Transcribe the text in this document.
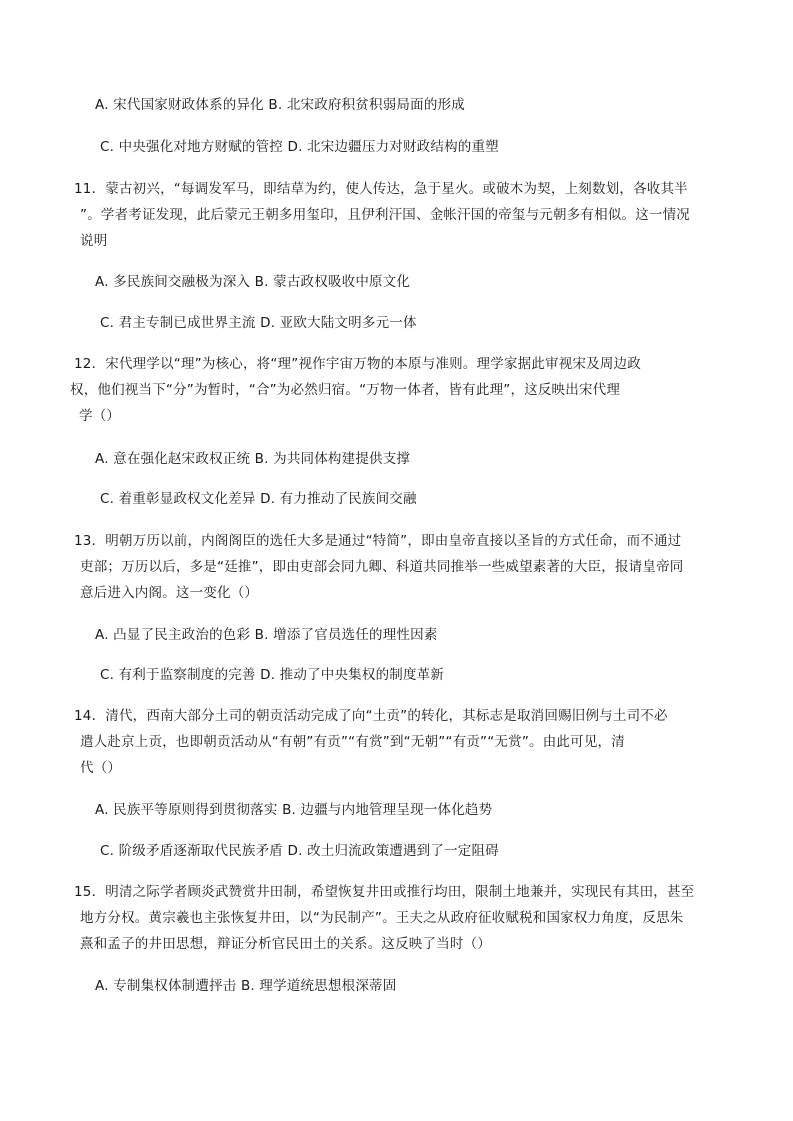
A. 宋代国家财政体系的异化 B. 北宋政府积贫积弱局面的形成
C. 中央强化对地方财赋的管控 D. 北宋边疆压力对财政结构的重塑
11．蒙古初兴，“每调发军马，即结草为约，使人传达，急于星火。或破木为契，上刻数划，各收其半
”。学者考证发现，此后蒙元王朝多用玺印，且伊利汗国、金帐汗国的帝玺与元朝多有相似。这一情况
说明
A. 多民族间交融极为深入 B. 蒙古政权吸收中原文化
C. 君主专制已成世界主流 D. 亚欧大陆文明多元一体
12．宋代理学以“理”为核心，将“理”视作宇宙万物的本原与准则。理学家据此审视宋及周边政
权，他们视当下“分”为暂时，“合”为必然归宿。“万物一体者，皆有此理”，这反映出宋代理
学（）
A. 意在强化赵宋政权正统 B. 为共同体构建提供支撑
C. 着重彰显政权文化差异 D. 有力推动了民族间交融
13．明朝万历以前，内阁阁臣的选任大多是通过“特简”，即由皇帝直接以圣旨的方式任命，而不通过
吏部；万历以后，多是“廷推”，即由吏部会同九卿、科道共同推举一些威望素著的大臣，报请皇帝同
意后进入内阁。这一变化（）
A. 凸显了民主政治的色彩 B. 增添了官员选任的理性因素
C. 有利于监察制度的完善 D. 推动了中央集权的制度革新
14．清代，西南大部分土司的朝贡活动完成了向“土贡”的转化，其标志是取消回赐旧例与土司不必
遣人赴京上贡，也即朝贡活动从“有朝”有贡”“有赏”到“无朝”“有贡”“无赏”。由此可见，清
代（）
A. 民族平等原则得到贯彻落实 B. 边疆与内地管理呈现一体化趋势
C. 阶级矛盾逐渐取代民族矛盾 D. 改土归流政策遭遇到了一定阻碍
15．明清之际学者顾炎武赞赏井田制，希望恢复井田或推行均田，限制土地兼并，实现民有其田，甚至
地方分权。黄宗羲也主张恢复井田，以“为民制产”。王夫之从政府征收赋税和国家权力角度，反思朱
熹和孟子的井田思想，辩证分析官民田土的关系。这反映了当时（）
A. 专制集权体制遭抨击 B. 理学道统思想根深蒂固
